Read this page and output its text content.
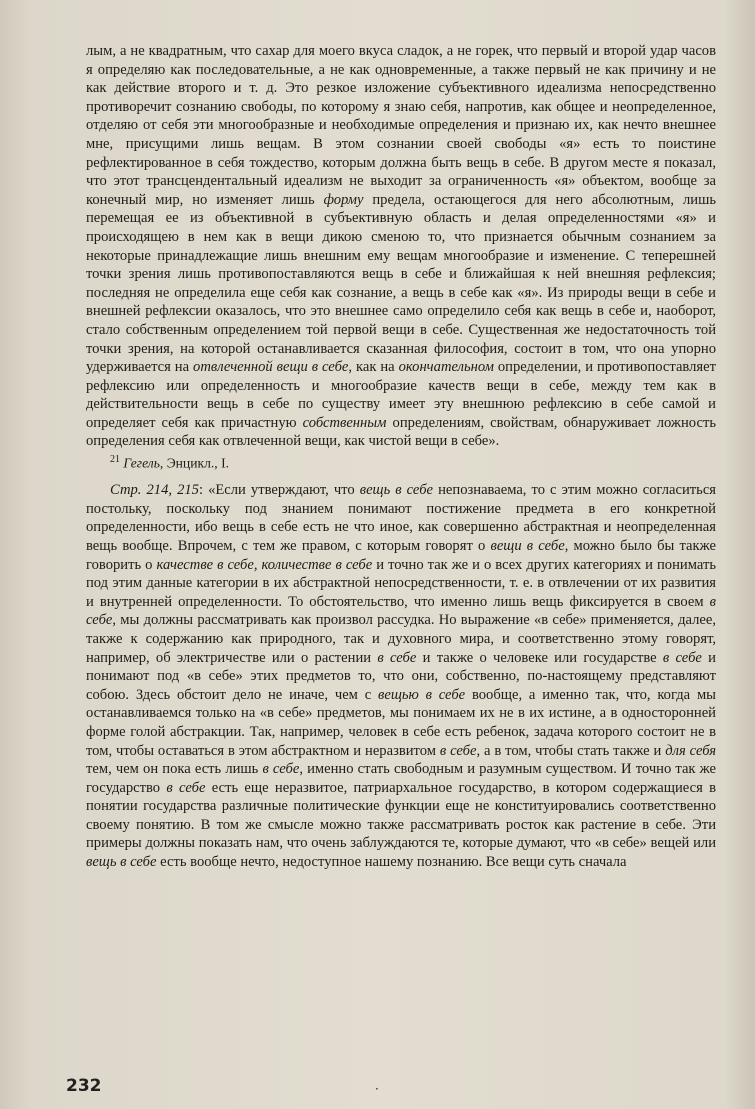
лым, а не квадратным, что сахар для моего вкуса сладок, а не горек, что первый и второй удар часов я определяю как последовательные, а не как одновременные, а также первый не как причину и не как действие второго и т. д. Это резкое изложение субъективного идеализма непосредственно противоречит сознанию свободы, по которому я знаю себя, напротив, как общее и неопределенное, отделяю от себя эти многообразные и необходимые определения и признаю их, как нечто внешнее мне, присущими лишь вещам. В этом сознании своей свободы «я» есть то поистине рефлектированное в себя тождество, которым должна быть вещь в себе. В другом месте я показал, что этот трансцендентальный идеализм не выходит за ограниченность «я» объектом, вообще за конечный мир, но изменяет лишь форму предела, остающегося для него абсолютным, лишь перемещая ее из объективной в субъективную область и делая определенностями «я» и происходящею в нем как в вещи дикою сменою то, что признается обычным сознанием за некоторые принадлежащие лишь внешним ему вещам многообразие и изменение. С теперешней точки зрения лишь противопоставляются вещь в себе и ближайшая к ней внешняя рефлексия; последняя не определила еще себя как сознание, а вещь в себе как «я». Из природы вещи в себе и внешней рефлексии оказалось, что это внешнее само определило себя как вещь в себе и, наоборот, стало собственным определением той первой вещи в себе. Существенная же недостаточность той точки зрения, на которой останавливается сказанная философия, состоит в том, что она упорно удерживается на отвлеченной вещи в себе, как на окончательном определении, и противопоставляет рефлексию или определенность и многообразие качеств вещи в себе, между тем как в действительности вещь в себе по существу имеет эту внешнюю рефлексию в себе самой и определяет себя как причастную собственным определениям, свойствам, обнаруживает ложность определения себя как отвлеченной вещи, как чистой вещи в себе».

$^{21}$ Гегель, Энцикл., I.

Стр. 214, 215: «Если утверждают, что вещь в себе непознаваема, то с этим можно согласиться постольку, поскольку под знанием понимают постижение предмета в его конкретной определенности, ибо вещь в себе есть не что иное, как совершенно абстрактная и неопределенная вещь вообще. Впрочем, с тем же правом, с которым говорят о вещи в себе, можно было бы также говорить о качестве в себе, количестве в себе и точно так же и о всех других категориях и понимать под этим данные категории в их абстрактной непосредственности, т. е. в отвлечении от их развития и внутренней определенности. То обстоятельство, что именно лишь вещь фиксируется в своем в себе, мы должны рассматривать как произвол рассудка. Но выражение «в себе» применяется, далее, также к содержанию как природного, так и духовного мира, и соответственно этому говорят, например, об электричестве или о растении в себе и также о человеке или государстве в себе и понимают под «в себе» этих предметов то, что они, собственно, по-настоящему представляют собою. Здесь обстоит дело не иначе, чем с вещью в себе вообще, а именно так, что, когда мы останавливаемся только на «в себе» предметов, мы понимаем их не в их истине, а в односторонней форме голой абстракции. Так, например, человек в себе есть ребенок, задача которого состоит не в том, чтобы оставаться в этом абстрактном и неразвитом в себе, а в том, чтобы стать также и для себя тем, чем он пока есть лишь в себе, именно стать свободным и разумным существом. И точно так же государство в себе есть еще неразвитое, патриархальное государство, в котором содержащиеся в понятии государства различные политические функции еще не конституировались соответственно своему понятию. В том же смысле можно также рассматривать росток как растение в себе. Эти примеры должны показать нам, что очень заблуждаются те, которые думают, что «в себе» вещей или вещь в себе есть вообще нечто, недоступное нашему познанию. Все вещи суть сначала

232	·
